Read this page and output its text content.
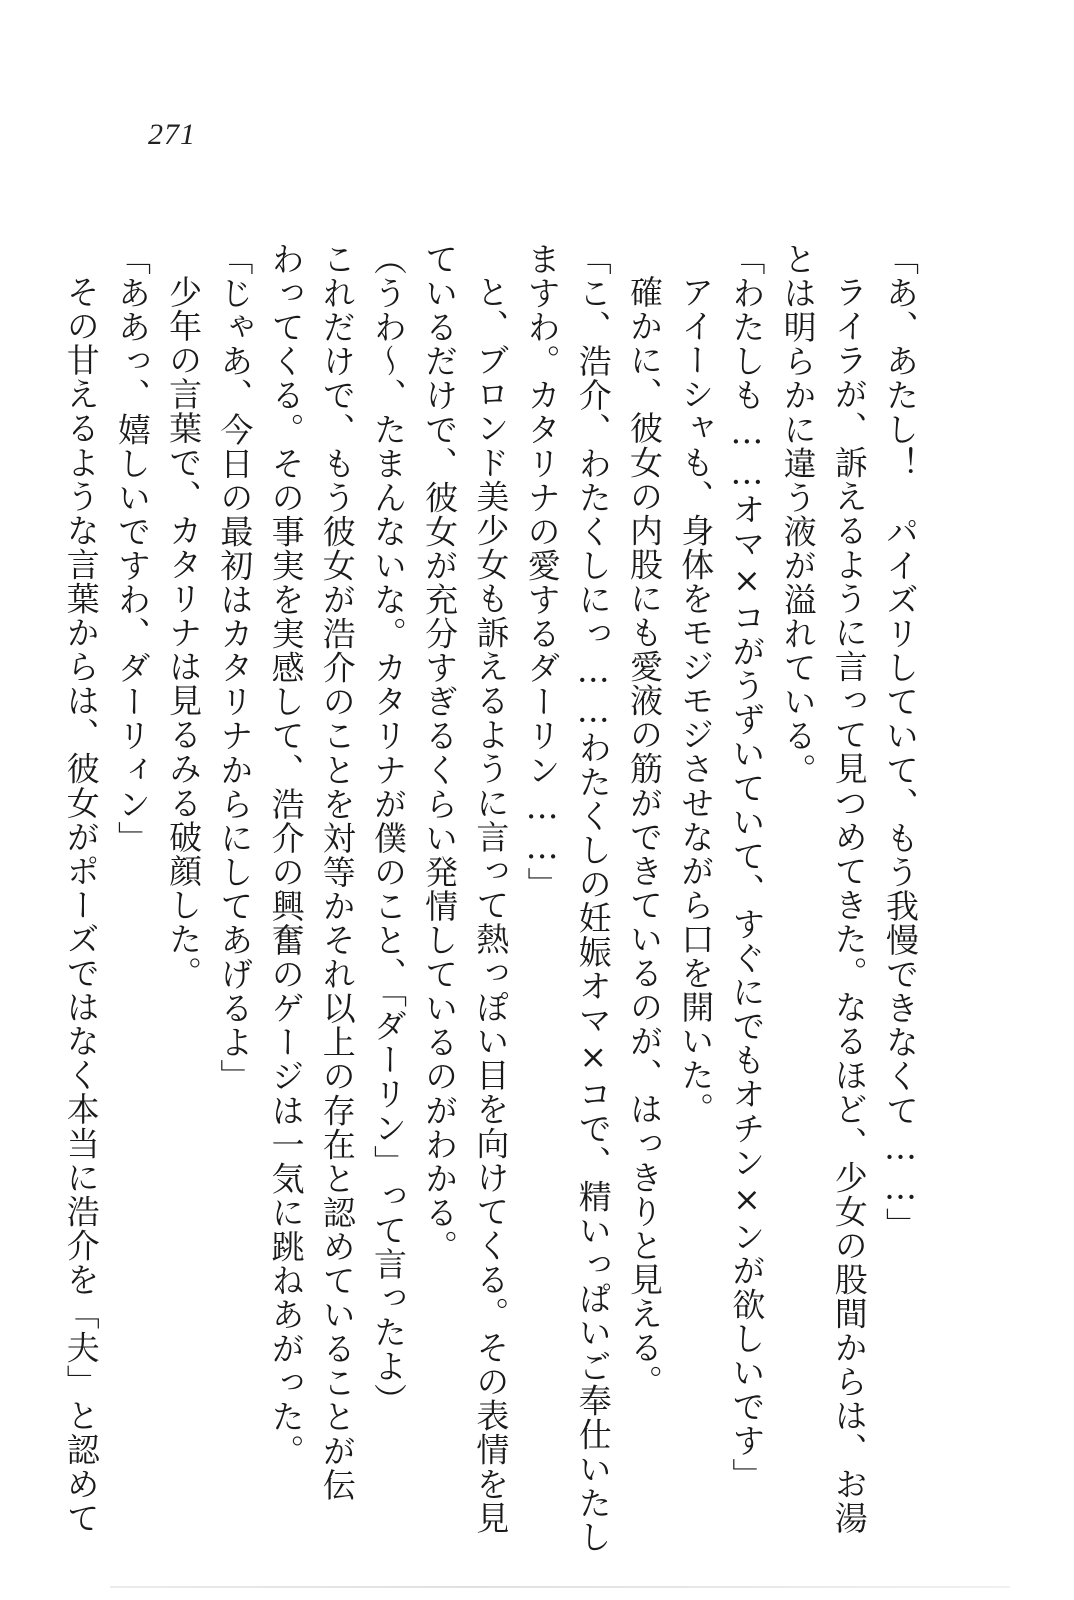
271
「あ、あたし！　パイズリしていて、もう我慢できなくて……」
ライラが、訴えるように言って見つめてきた。なるほど、少女の股間からは、お湯
とは明らかに違う液が溢れている。
「わたしも……オマ×コがうずいていて、すぐにでもオチン×ンが欲しいです」
アイーシャも、身体をモジモジさせながら口を開いた。
確かに、彼女の内股にも愛液の筋ができているのが、はっきりと見える。
「こ、浩介、わたくしにっ……わたくしの妊娠オマ×コで、精いっぱいご奉仕いたし
ますわ。カタリナの愛するダーリン……」
と、ブロンド美少女も訴えるように言って熱っぽい目を向けてくる。その表情を見
ているだけで、彼女が充分すぎるくらい発情しているのがわかる。
（うわ～、たまんないな。カタリナが僕のこと、「ダーリン」って言ったよ）
これだけで、もう彼女が浩介のことを対等かそれ以上の存在と認めていることが伝
わってくる。その事実を実感して、浩介の興奮のゲージは一気に跳ねあがった。
「じゃあ、今日の最初はカタリナからにしてあげるよ」
少年の言葉で、カタリナは見るみる破顔した。
「ああっ、嬉しいですわ、ダーリィン」
その甘えるような言葉からは、彼女がポーズではなく本当に浩介を「夫」と認めて
